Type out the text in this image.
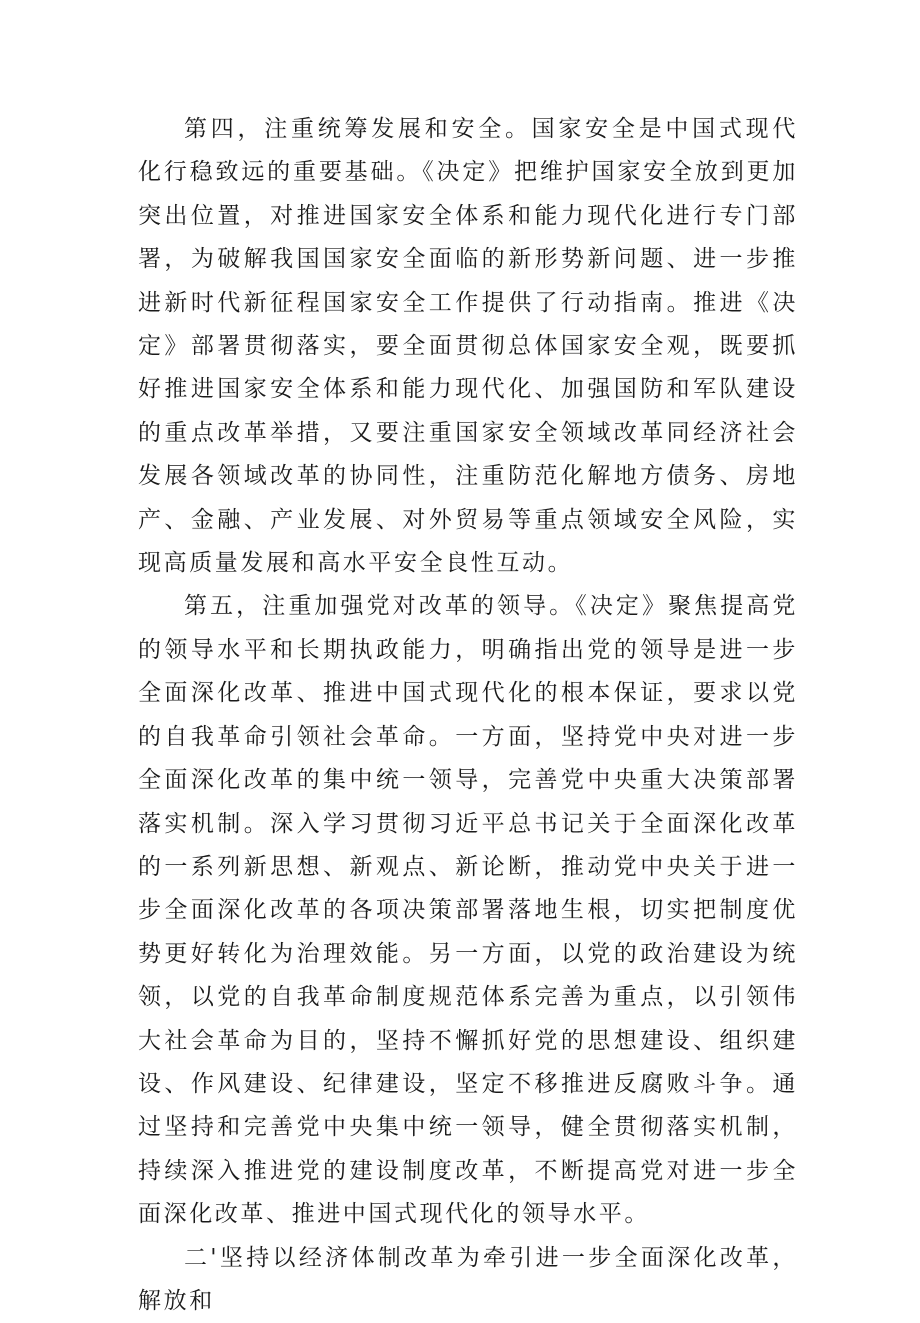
第四，注重统筹发展和安全。国家安全是中国式现代化行稳致远的重要基础。《决定》把维护国家安全放到更加突出位置，对推进国家安全体系和能力现代化进行专门部署，为破解我国国家安全面临的新形势新问题、进一步推进新时代新征程国家安全工作提供了行动指南。推进《决定》部署贯彻落实，要全面贯彻总体国家安全观，既要抓好推进国家安全体系和能力现代化、加强国防和军队建设的重点改革举措，又要注重国家安全领域改革同经济社会发展各领域改革的协同性，注重防范化解地方债务、房地产、金融、产业发展、对外贸易等重点领域安全风险，实现高质量发展和高水平安全良性互动。

第五，注重加强党对改革的领导。《决定》聚焦提高党的领导水平和长期执政能力，明确指出党的领导是进一步全面深化改革、推进中国式现代化的根本保证，要求以党的自我革命引领社会革命。一方面，坚持党中央对进一步全面深化改革的集中统一领导，完善党中央重大决策部署落实机制。深入学习贯彻习近平总书记关于全面深化改革的一系列新思想、新观点、新论断，推动党中央关于进一步全面深化改革的各项决策部署落地生根，切实把制度优势更好转化为治理效能。另一方面，以党的政治建设为统领，以党的自我革命制度规范体系完善为重点，以引领伟大社会革命为目的，坚持不懈抓好党的思想建设、组织建设、作风建设、纪律建设，坚定不移推进反腐败斗争。通过坚持和完善党中央集中统一领导，健全贯彻落实机制，持续深入推进党的建设制度改革，不断提高党对进一步全面深化改革、推进中国式现代化的领导水平。

二'坚持以经济体制改革为牵引进一步全面深化改革，解放和
